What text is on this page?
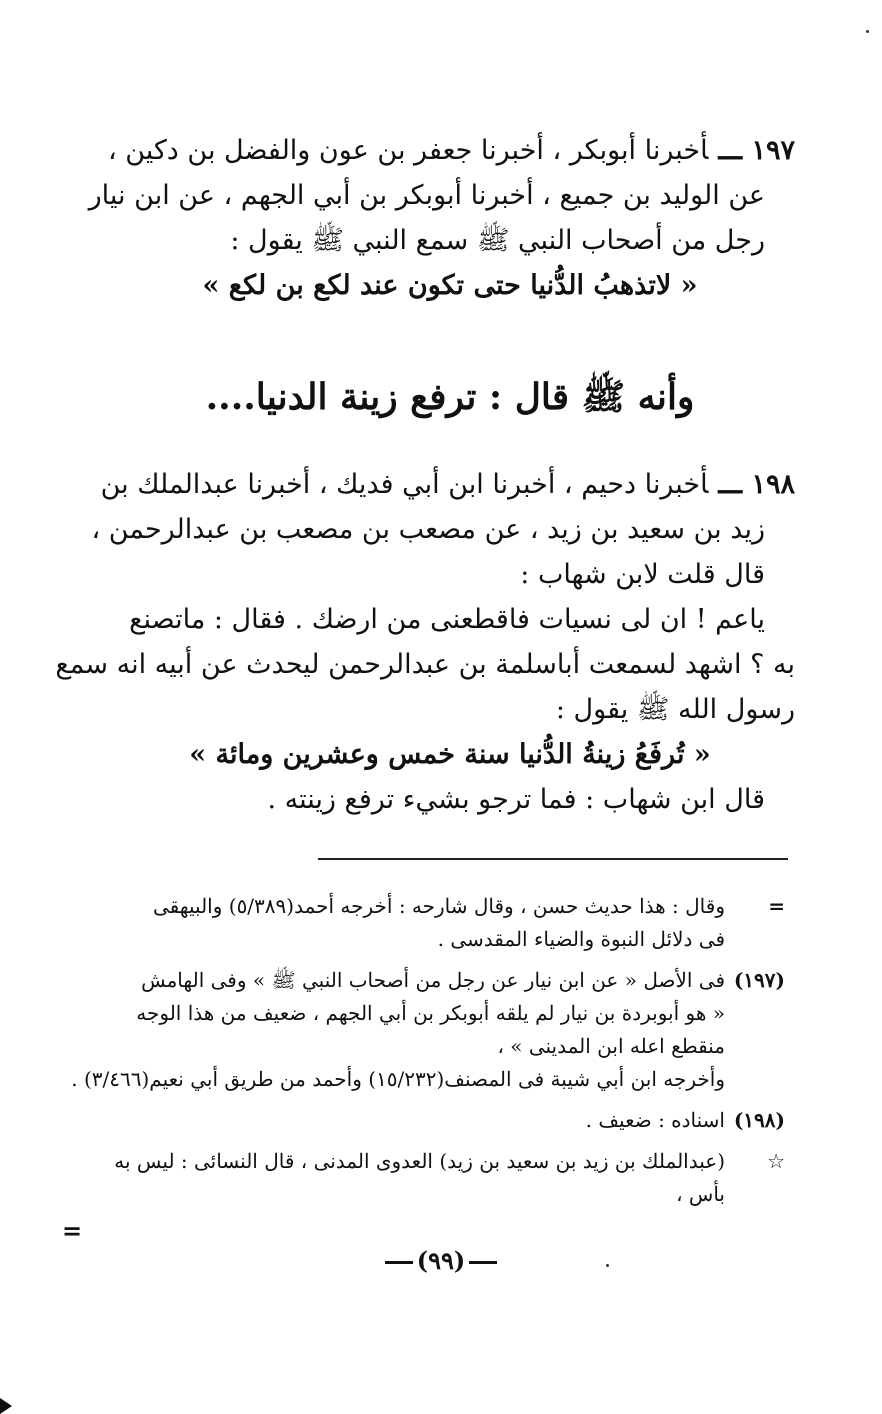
١٩٧ ـــأخبرنا أبوبكر ، أخبرنا جعفر بن عون والفضل بن دكين ،

عن الوليد بن جميع ، أخبرنا أبوبكر بن أبي الجهم ، عن ابن نيار

رجل من أصحاب النبي ﷺ سمع النبي ﷺ يقول :

« لاتذهبُ الدُّنيا حتى تكون عند لكع بن لكع »

وأنه ﷺ قال : ترفع زينة الدنيا....

١٩٨ ـــأخبرنا دحيم ، أخبرنا ابن أبي فديك ، أخبرنا عبدالملك بن

زيد بن سعيد بن زيد ، عن مصعب بن مصعب بن عبدالرحمن ،

قال قلت لابن شهاب :

ياعم ! ان لى نسيات فاقطعنى من ارضك . فقال : ماتصنع

به ؟ اشهد لسمعت أباسلمة بن عبدالرحمن ليحدث عن أبيه انه سمع

رسول الله ﷺ يقول :

« تُرفَعُ زينةُ الدُّنيا سنة خمس وعشرين ومائة »

قال ابن شهاب : فما ترجو بشيء ترفع زينته .

=
وقال : هذا حديث حسن ، وقال شارحه : أخرجه أحمد(٥/٣٨٩) والبيهقى
فى دلائل النبوة والضياء المقدسى .
(١٩٧)
فى الأصل « عن ابن نيار عن رجل من أصحاب النبي ﷺ » وفى الهامش
« هو أبوبردة بن نيار لم يلقه أبوبكر بن أبي الجهم ، ضعيف من هذا الوجه
منقطع اعله ابن المدينى » ،
وأخرجه ابن أبي شيبة فى المصنف(١٥/٢٣٢) وأحمد من طريق أبي نعيم(٣/٤٦٦) .
(١٩٨)
اسناده : ضعيف .
☆
(عبدالملك بن زيد بن سعيد بن زيد) العدوى المدنى ، قال النسائى : ليس به
بأس ،
=
(٩٩)
